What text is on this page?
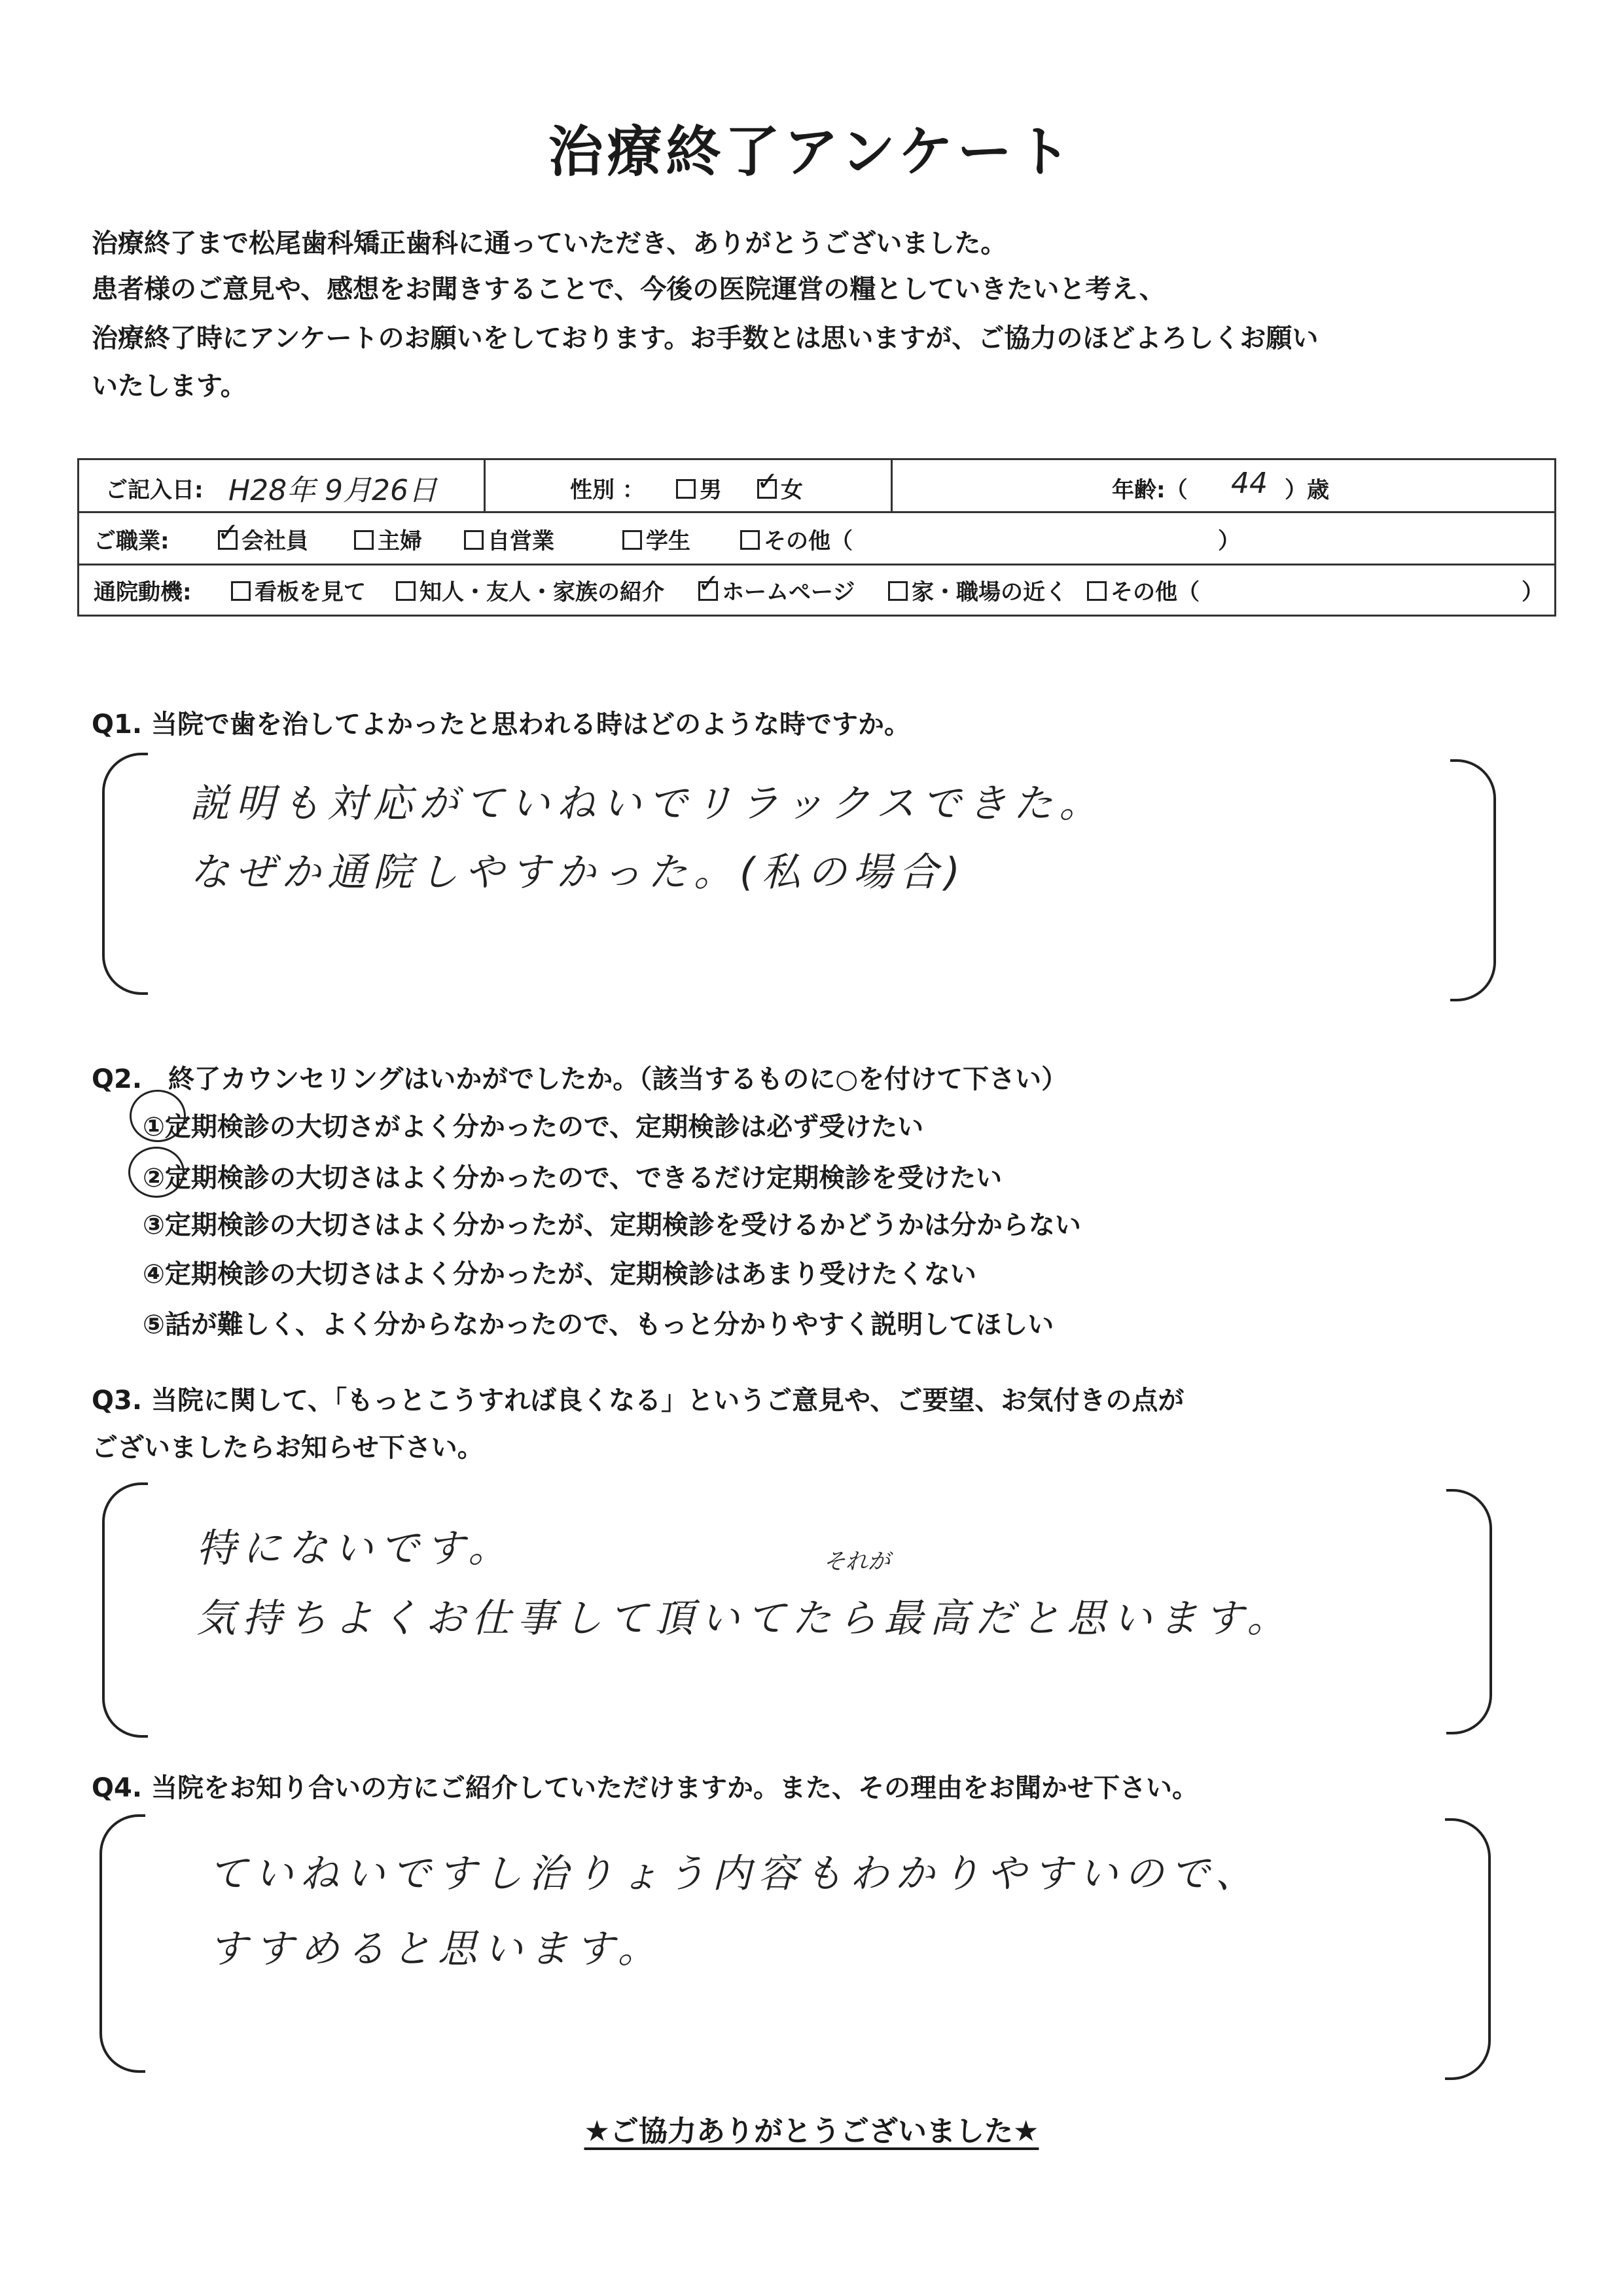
治療終了アンケート
治療終了まで松尾歯科矯正歯科に通っていただき、ありがとうございました。
患者様のご意見や、感想をお聞きすることで、今後の医院運営の糧としていきたいと考え、
治療終了時にアンケートのお願いをしております。お手数とは思いますが、ご協力のほどよろしくお願い
いたします。
ご記入日: H28年 9月26日	性別 ：	男 ✓	女	年齢:（ 44 ）歳
ご職業: ✓	会社員	主婦	自営業	学生	その他（	）
通院動機:	看板を見て	知人・友人・家族の紹介 ✓	ホームページ	家・職場の近く	その他（	）
Q1. 当院で歯を治してよかったと思われる時はどのような時ですか。
説明も対応がていねいでリラックスできた。
なぜか通院しやすかった。(私の場合)
Q2.　終了カウンセリングはいかがでしたか。（該当するものに○を付けて下さい）
①定期検診の大切さがよく分かったので、定期検診は必ず受けたい
②定期検診の大切さはよく分かったので、できるだけ定期検診を受けたい
③定期検診の大切さはよく分かったが、定期検診を受けるかどうかは分からない
④定期検診の大切さはよく分かったが、定期検診はあまり受けたくない
⑤話が難しく、よく分からなかったので、もっと分かりやすく説明してほしい
Q3. 当院に関して、「もっとこうすれば良くなる」というご意見や、ご要望、お気付きの点が
ございましたらお知らせ下さい。
特にないです。	それが
気持ちよくお仕事して頂いてたら最高だと思います。
Q4. 当院をお知り合いの方にご紹介していただけますか。また、その理由をお聞かせ下さい。
ていねいですし治りょう内容もわかりやすいので、
すすめると思います。
★ご協力ありがとうございました★
